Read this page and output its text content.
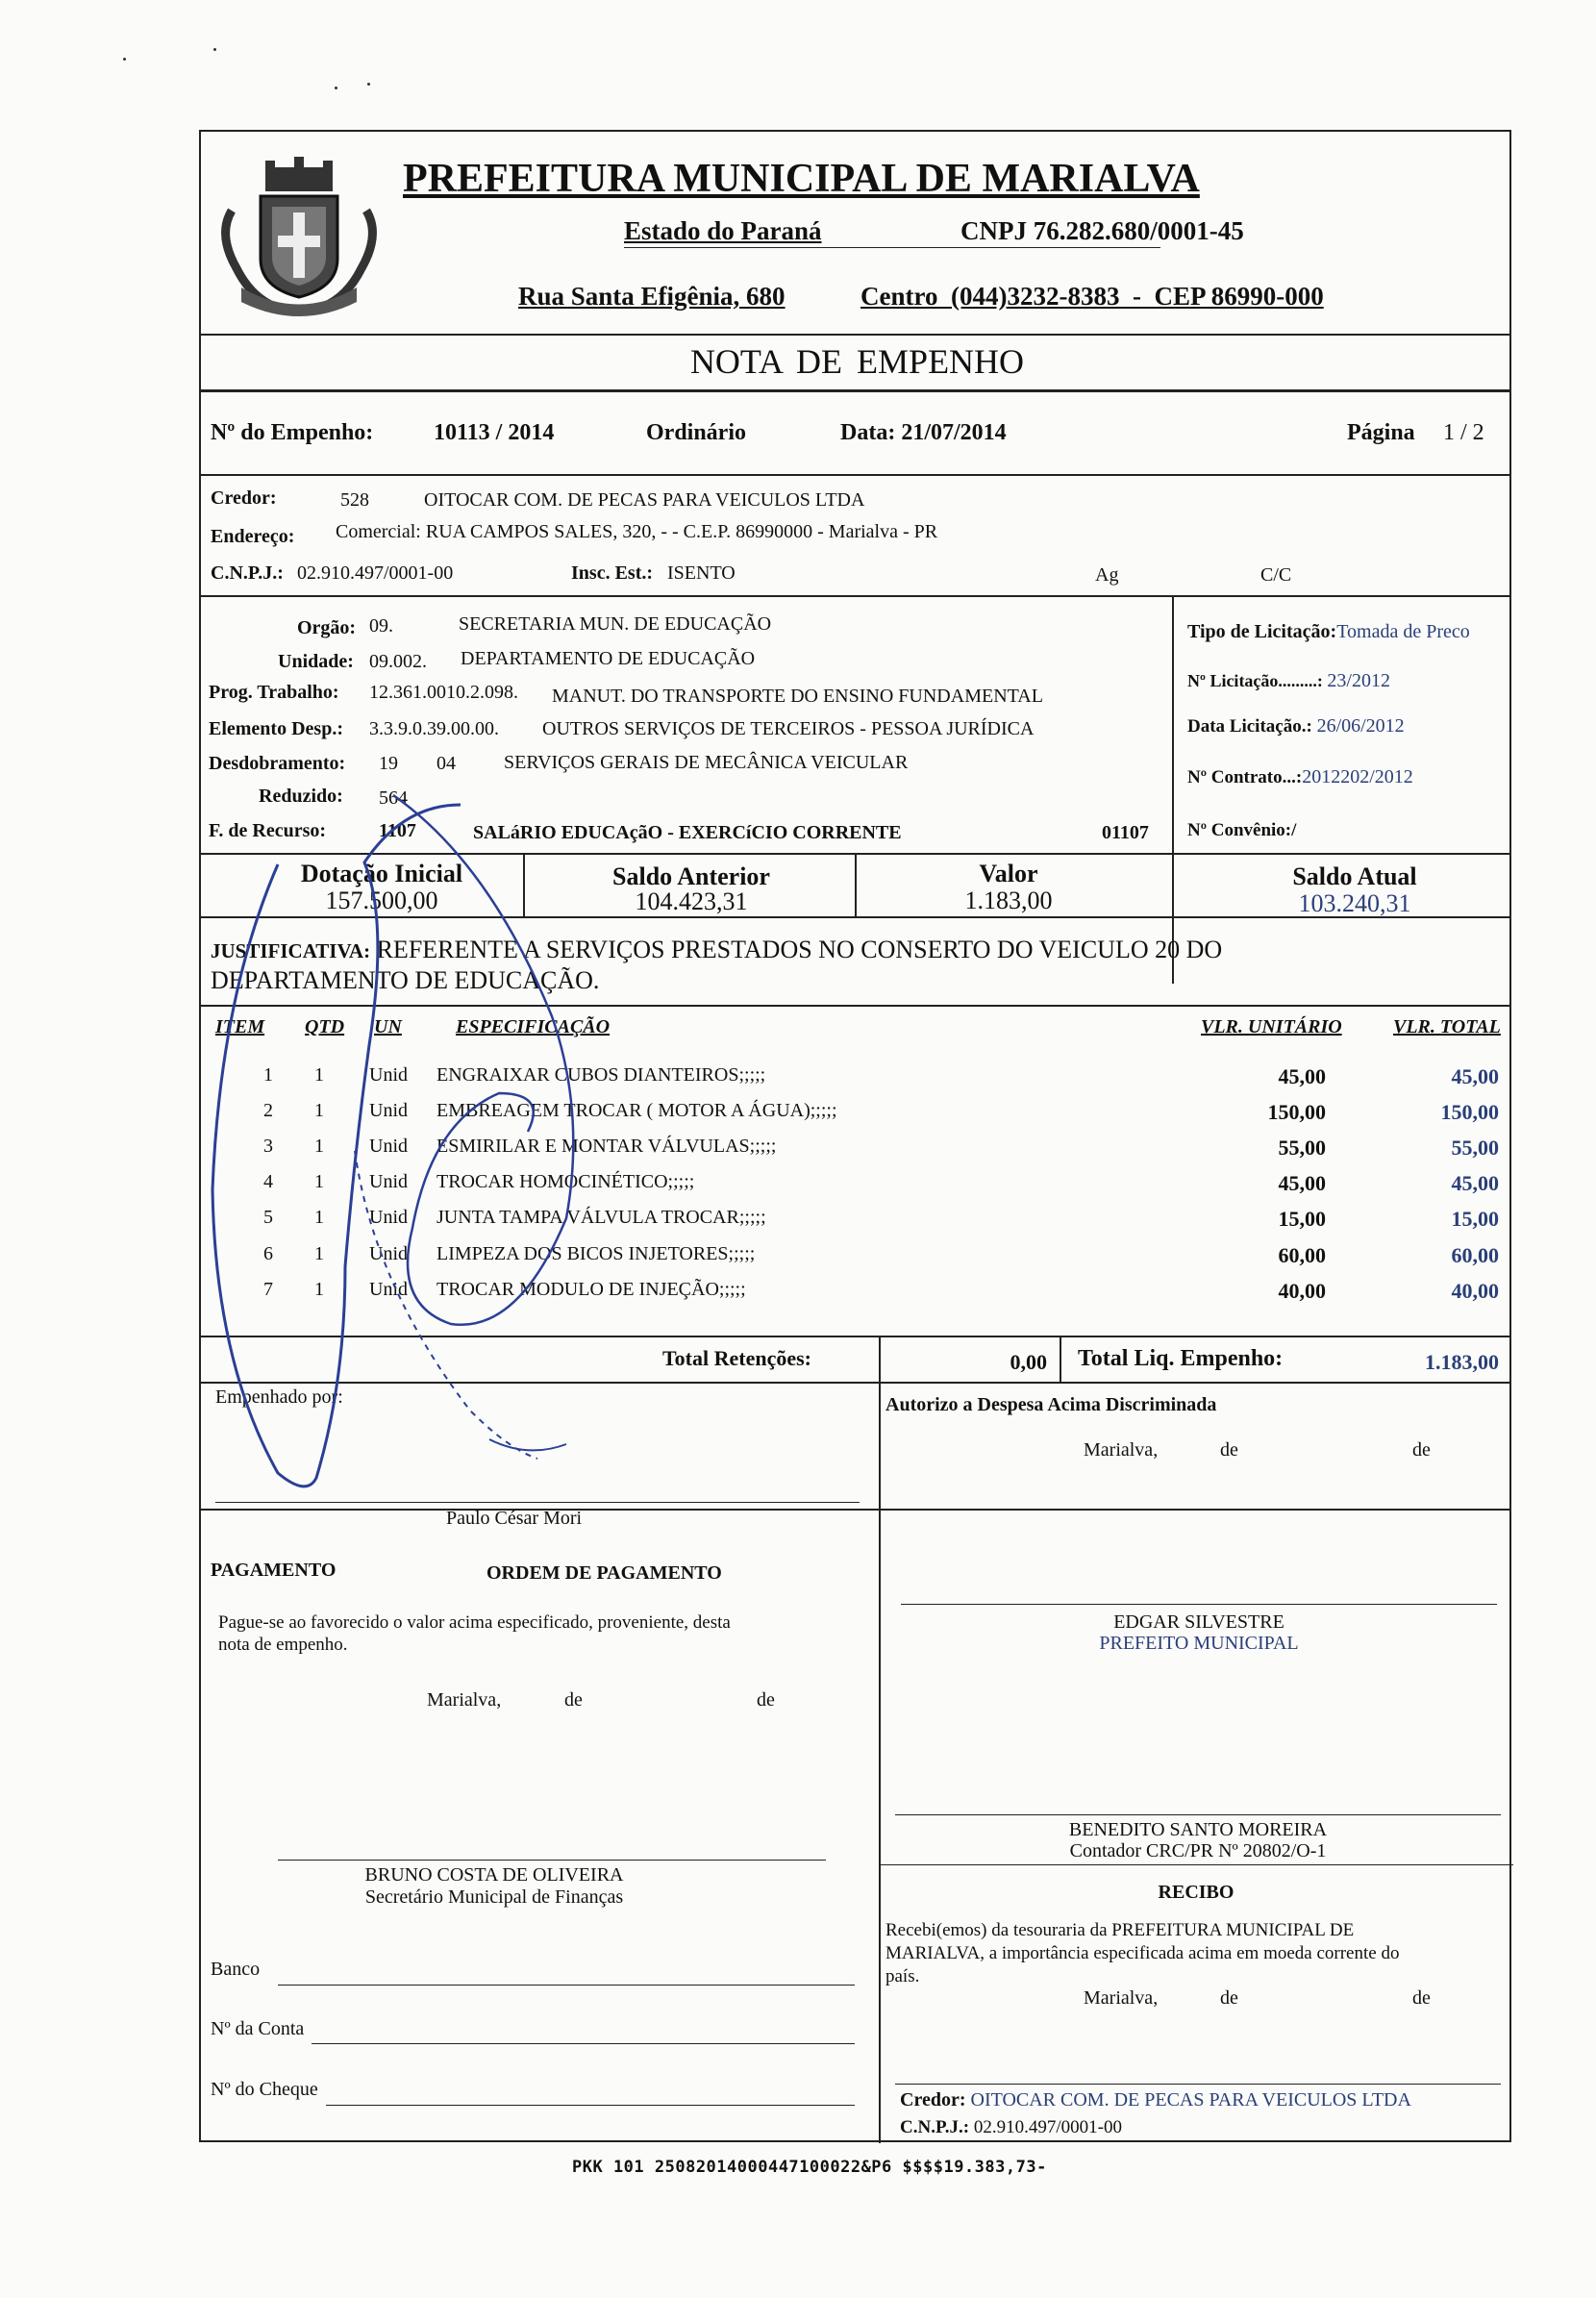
PREFEITURA MUNICIPAL DE MARIALVA
Estado do Paraná	CNPJ 76.282.680/0001-45
Rua Santa Efigênia, 680	Centro  (044)3232-8383  -  CEP 86990-000
NOTA DE EMPENHO
Nº do Empenho:	10113 / 2014	Ordinário	Data: 21/07/2014	Página 1 / 2
Credor:	528	OITOCAR COM. DE PECAS PARA VEICULOS LTDA
Endereço: Comercial: RUA CAMPOS SALES, 320, - - C.E.P. 86990000 - Marialva - PR
C.N.P.J.: 02.910.497/0001-00	Insc. Est.: ISENTO	Ag	C/C
Orgão: 09.	SECRETARIA MUN. DE EDUCAÇÃO
Unidade: 09.002. DEPARTAMENTO DE EDUCAÇÃO
Prog. Trabalho: 12.361.0010.2.098. MANUT. DO TRANSPORTE DO ENSINO FUNDAMENTAL
Elemento Desp.: 3.3.9.0.39.00.00. OUTROS SERVIÇOS DE TERCEIROS - PESSOA JURÍDICA
Desdobramento: 19 04	SERVIÇOS GERAIS DE MECÂNICA VEICULAR
Reduzido: 564
F. de Recurso:	1107	SALáRIO EDUCAçãO - EXERCíCIO CORRENTE	01107
Tipo de Licitação:Tomada de Preco
Nº Licitação.........: 23/2012
Data Licitação.: 26/06/2012
Nº Contrato...:2012202/2012
Nº Convênio:/
Dotação Inicial
157.500,00
Saldo Anterior
104.423,31
Valor
1.183,00
Saldo Atual
103.240,31
JUSTIFICATIVA: REFERENTE A SERVIÇOS PRESTADOS NO CONSERTO DO VEICULO 20 DO
DEPARTAMENTO DE EDUCAÇÃO.
ITEM QTD UN	ESPECIFICAÇÃO	VLR. UNITÁRIO	VLR. TOTAL
1 1 Unid ENGRAIXAR CUBOS DIANTEIROS;;;;;	45,00	45,00
2 1 Unid EMBREAGEM TROCAR ( MOTOR A ÁGUA);;;;;	150,00	150,00
3 1 Unid ESMIRILAR E MONTAR VÁLVULAS;;;;;	55,00	55,00
4 1 Unid TROCAR HOMOCINÉTICO;;;;;	45,00	45,00
5 1 Unid JUNTA TAMPA VÁLVULA TROCAR;;;;;	15,00	15,00
6 1 Unid LIMPEZA DOS BICOS INJETORES;;;;;	60,00	60,00
7 1 Unid TROCAR MODULO DE INJEÇÃO;;;;;	40,00	40,00
Total Retenções:	0,00 Total Liq. Empenho:	1.183,00
Empenhado por:
Paulo César Mori
Autorizo a Despesa Acima Discriminada
Marialva,	de	de
PAGAMENTO	ORDEM DE PAGAMENTO
Pague-se ao favorecido o valor acima especificado, proveniente, desta
nota de empenho.
Marialva,	de	de
EDGAR SILVESTRE
PREFEITO MUNICIPAL
BENEDITO SANTO MOREIRA
Contador CRC/PR Nº 20802/O-1
BRUNO COSTA DE OLIVEIRA
Secretário Municipal de Finanças	RECIBO
Recebi(emos) da tesouraria da PREFEITURA MUNICIPAL DE
MARIALVA, a importância especificada acima em moeda corrente do
país.
Marialva,	de	de
Banco
Nº da Conta
Nº do Cheque	Credor: OITOCAR COM. DE PECAS PARA VEICULOS LTDA
C.N.P.J.: 02.910.497/0001-00
PKK 101 25082014000447100022&P6 $$$$19.383,73-
